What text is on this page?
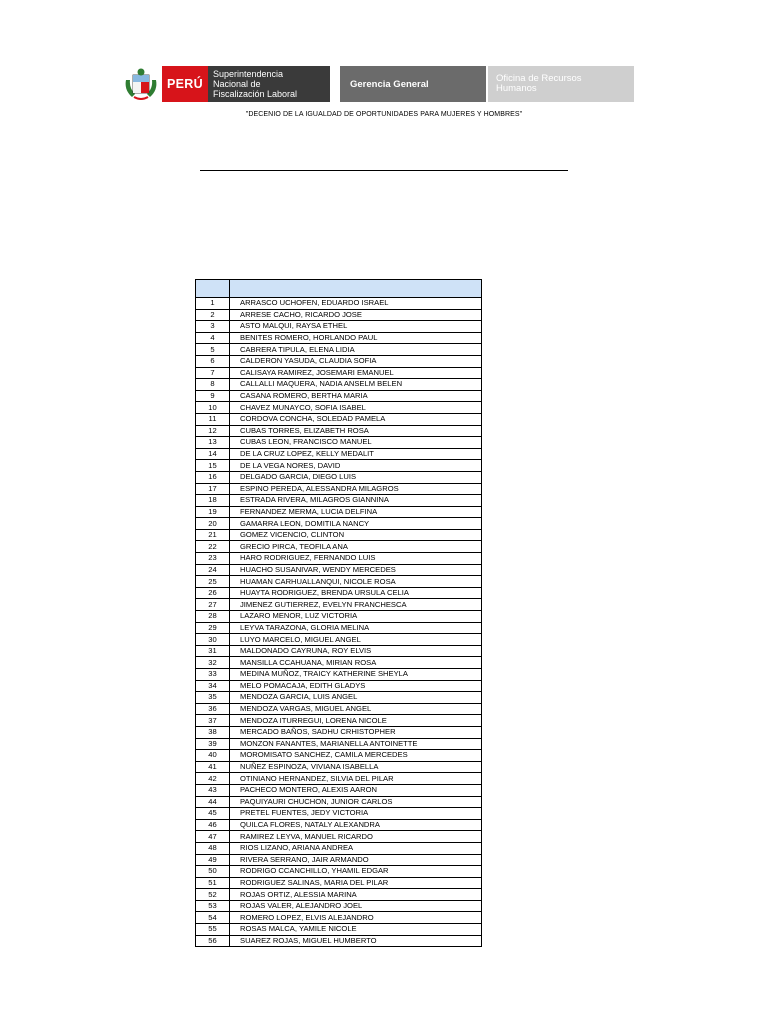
PERÚ
Superintendencia
Nacional de
Fiscalización Laboral
Gerencia General	Oficina de Recursos
Humanos
"DECENIO DE LA IGUALDAD DE OPORTUNIDADES PARA MUJERES Y HOMBRES"

1	ARRASCO UCHOFEN, EDUARDO ISRAEL
2	ARRESE CACHO, RICARDO JOSE
3	ASTO MALQUI, RAYSA ETHEL
4	BENITES ROMERO, HORLANDO PAUL
5	CABRERA TIPULA, ELENA LIDIA
6	CALDERON YASUDA, CLAUDIA SOFIA
7	CALISAYA RAMIREZ, JOSEMARI EMANUEL
8	CALLALLI MAQUERA, NADIA ANSELM BELEN
9	CASANA ROMERO, BERTHA MARIA
10	CHAVEZ MUNAYCO, SOFIA ISABEL
11	CORDOVA CONCHA, SOLEDAD PAMELA
12	CUBAS TORRES, ELIZABETH ROSA
13	CUBAS LEON, FRANCISCO MANUEL
14	DE LA CRUZ LOPEZ, KELLY MEDALIT
15	DE LA VEGA NORES, DAVID
16	DELGADO GARCIA, DIEGO LUIS
17	ESPINO PEREDA, ALESSANDRA MILAGROS
18	ESTRADA RIVERA, MILAGROS GIANNINA
19	FERNANDEZ MERMA, LUCIA DELFINA
20	GAMARRA LEON, DOMITILA NANCY
21	GOMEZ VICENCIO, CLINTON
22	GRECIO PIRCA, TEOFILA ANA
23	HARO RODRIGUEZ, FERNANDO LUIS
24	HUACHO SUSANIVAR, WENDY MERCEDES
25	HUAMAN CARHUALLANQUI, NICOLE ROSA
26	HUAYTA RODRIGUEZ, BRENDA URSULA CELIA
27	JIMENEZ GUTIERREZ, EVELYN FRANCHESCA
28	LAZARO MENOR, LUZ VICTORIA
29	LEYVA TARAZONA, GLORIA MELINA
30	LUYO MARCELO, MIGUEL ANGEL
31	MALDONADO CAYRUNA, ROY ELVIS
32	MANSILLA CCAHUANA, MIRIAN ROSA
33	MEDINA MUÑOZ, TRAICY KATHERINE SHEYLA
34	MELO POMACAJA, EDITH GLADYS
35	MENDOZA GARCIA, LUIS ANGEL
36	MENDOZA VARGAS, MIGUEL ANGEL
37	MENDOZA ITURREGUI, LORENA NICOLE
38	MERCADO BAÑOS, SADHU CRHISTOPHER
39	MONZON FANANTES, MARIANELLA ANTOINETTE
40	MOROMISATO SANCHEZ, CAMILA MERCEDES
41	NUÑEZ ESPINOZA, VIVIANA ISABELLA
42	OTINIANO HERNANDEZ, SILVIA DEL PILAR
43	PACHECO MONTERO, ALEXIS AARON
44	PAQUIYAURI CHUCHON, JUNIOR CARLOS
45	PRETEL FUENTES, JEDY VICTORIA
46	QUILCA FLORES, NATALY ALEXANDRA
47	RAMIREZ LEYVA, MANUEL RICARDO
48	RIOS LIZANO, ARIANA ANDREA
49	RIVERA SERRANO, JAIR ARMANDO
50	RODRIGO CCANCHILLO, YHAMIL EDGAR
51	RODRIGUEZ SALINAS, MARIA DEL PILAR
52	ROJAS ORTIZ, ALESSIA MARINA
53	ROJAS VALER, ALEJANDRO JOEL
54	ROMERO LOPEZ, ELVIS ALEJANDRO
55	ROSAS MALCA, YAMILE NICOLE
56	SUAREZ ROJAS, MIGUEL HUMBERTO
